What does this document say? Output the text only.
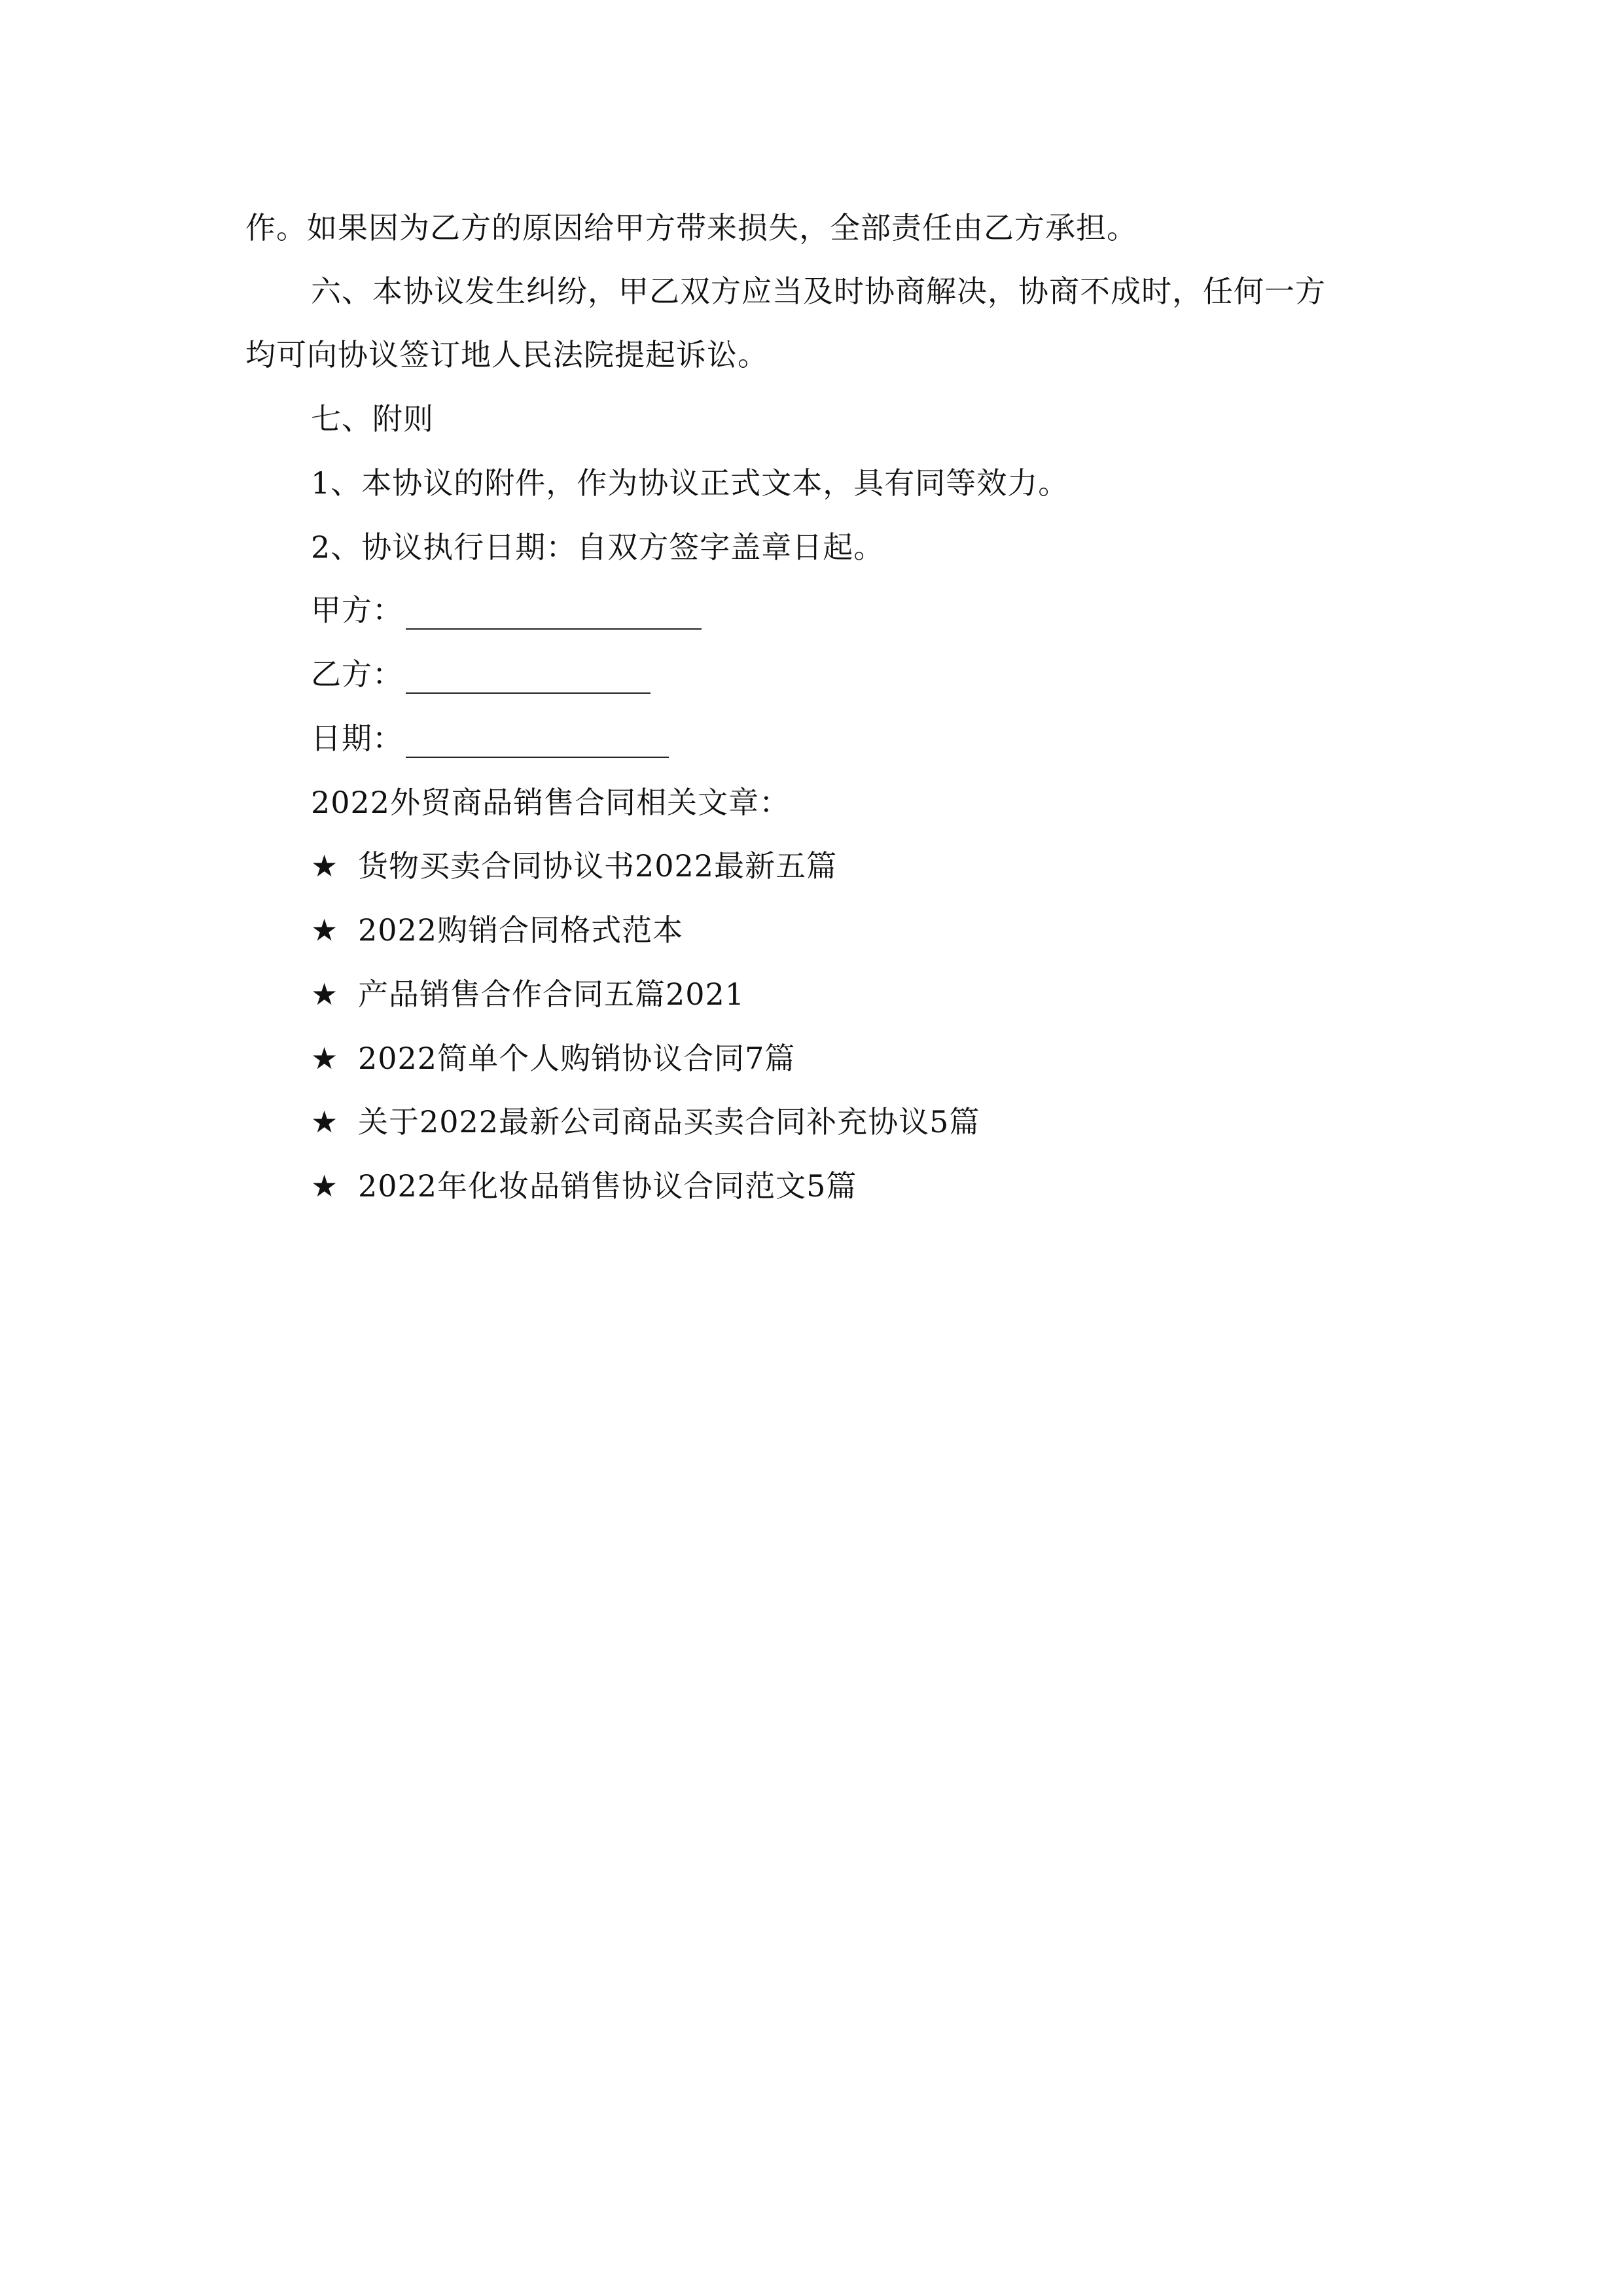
作。如果因为乙方的原因给甲方带来损失，全部责任由乙方承担。
六、本协议发生纠纷，甲乙双方应当及时协商解决，协商不成时，任何一方
均可向协议签订地人民法院提起诉讼。
七、附则
1、本协议的附件，作为协议正式文本，具有同等效力。
2、协议执行日期：自双方签字盖章日起。
甲方：
乙方：
日期：
2022外贸商品销售合同相关文章：
★ 货物买卖合同协议书2022最新五篇
★ 2022购销合同格式范本
★ 产品销售合作合同五篇2021
★ 2022简单个人购销协议合同7篇
★ 关于2022最新公司商品买卖合同补充协议5篇
★ 2022年化妆品销售协议合同范文5篇
